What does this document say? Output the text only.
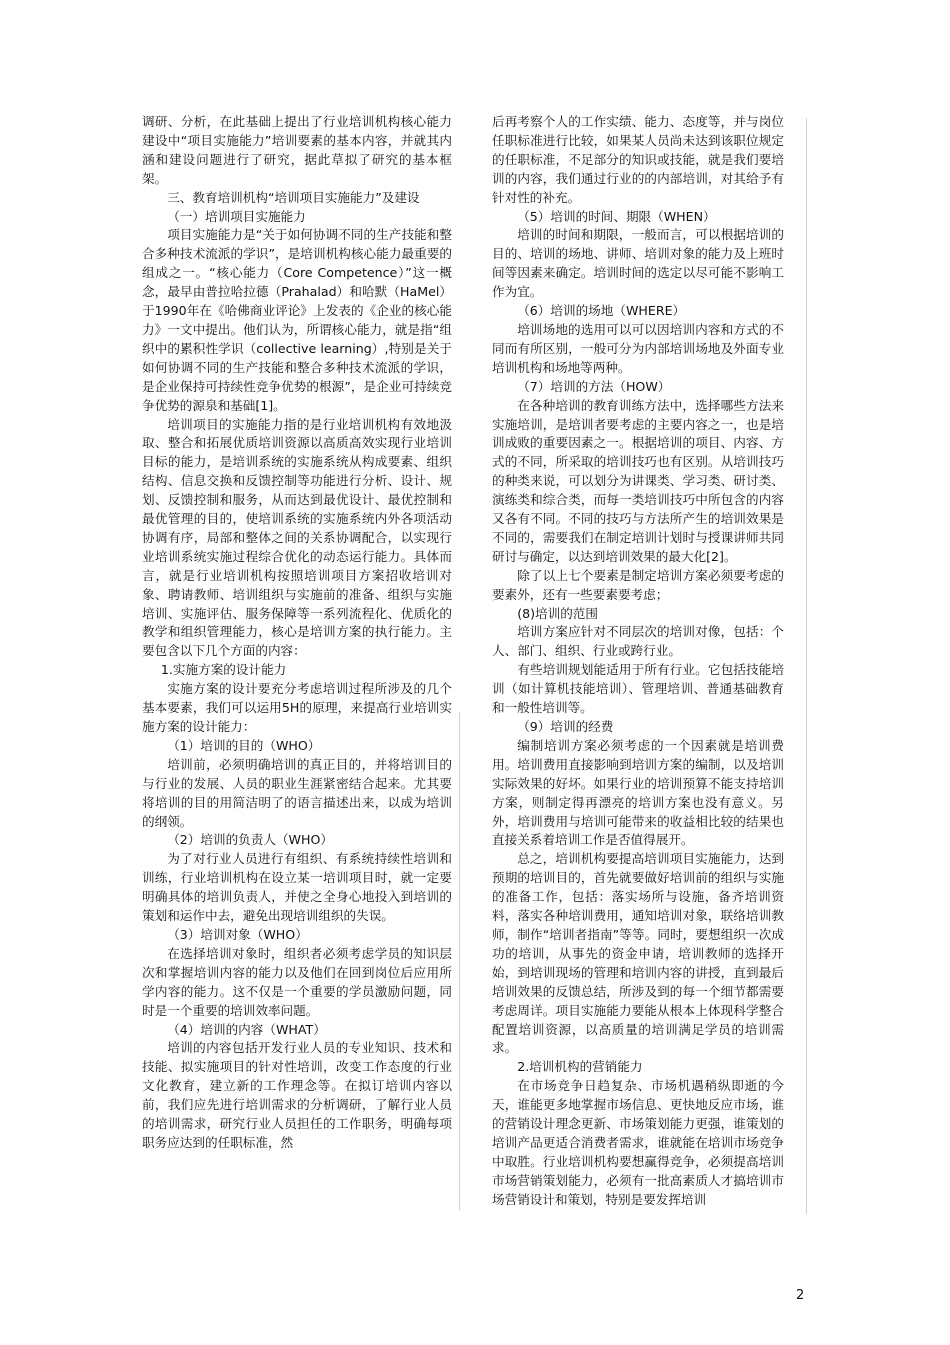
调研、分析，在此基础上提出了行业培训机构核心能力建设中“项目实施能力”培训要素的基本内容，并就其内涵和建设问题进行了研究，据此草拟了研究的基本框架。

三、教育培训机构“培训项目实施能力”及建设

（一）培训项目实施能力

项目实施能力是“关于如何协调不同的生产技能和整合多种技术流派的学识”，是培训机构核心能力最重要的组成之一。“核心能力（Core Competence）”这一概念，最早由普拉哈拉德（Prahalad）和哈默（HaMel）于1990年在《哈佛商业评论》上发表的《企业的核心能力》一文中提出。他们认为，所谓核心能力，就是指“组织中的累积性学识（collective learning）,特别是关于如何协调不同的生产技能和整合多种技术流派的学识，是企业保持可持续性竞争优势的根源”，是企业可持续竞争优势的源泉和基础[1]。

培训项目的实施能力指的是行业培训机构有效地汲取、整合和拓展优质培训资源以高质高效实现行业培训目标的能力，是培训系统的实施系统从构成要素、组织结构、信息交换和反馈控制等功能进行分析、设计、规划、反馈控制和服务，从而达到最优设计、最优控制和最优管理的目的，使培训系统的实施系统内外各项活动协调有序，局部和整体之间的关系协调配合，以实现行业培训系统实施过程综合优化的动态运行能力。具体而言，就是行业培训机构按照培训项目方案招收培训对象、聘请教师、培训组织与实施前的准备、组织与实施培训、实施评估、服务保障等一系列流程化、优质化的教学和组织管理能力，核心是培训方案的执行能力。主要包含以下几个方面的内容：

1.实施方案的设计能力

实施方案的设计要充分考虑培训过程所涉及的几个基本要素，我们可以运用5H的原理，来提高行业培训实施方案的设计能力：

（1）培训的目的（WHO）

培训前，必须明确培训的真正目的，并将培训目的与行业的发展、人员的职业生涯紧密结合起来。尤其要将培训的目的用简洁明了的语言描述出来，以成为培训的纲领。

（2）培训的负责人（WHO）

为了对行业人员进行有组织、有系统持续性培训和训练，行业培训机构在设立某一培训项目时，就一定要明确具体的培训负责人，并使之全身心地投入到培训的策划和运作中去，避免出现培训组织的失误。

（3）培训对象（WHO）

在选择培训对象时，组织者必须考虑学员的知识层次和掌握培训内容的能力以及他们在回到岗位后应用所学内容的能力。这不仅是一个重要的学员激励问题，同时是一个重要的培训效率问题。

（4）培训的内容（WHAT）

培训的内容包括开发行业人员的专业知识、技术和技能、拟实施项目的针对性培训，改变工作态度的行业文化教育，建立新的工作理念等。在拟订培训内容以前，我们应先进行培训需求的分析调研，了解行业人员的培训需求，研究行业人员担任的工作职务，明确每项职务应达到的任职标准，然

后再考察个人的工作实绩、能力、态度等，并与岗位任职标准进行比较，如果某人员尚未达到该职位规定的任职标准，不足部分的知识或技能，就是我们要培训的内容，我们通过行业的的内部培训，对其给予有针对性的补充。

（5）培训的时间、期限（WHEN）

培训的时间和期限，一般而言，可以根据培训的目的、培训的场地、讲师、培训对象的能力及上班时间等因素来确定。培训时间的选定以尽可能不影响工作为宜。

（6）培训的场地（WHERE）

培训场地的选用可以可以因培训内容和方式的不同而有所区别，一般可分为内部培训场地及外面专业培训机构和场地等两种。

（7）培训的方法（HOW）

在各种培训的教育训练方法中，选择哪些方法来实施培训，是培训者要考虑的主要内容之一，也是培训成败的重要因素之一。根据培训的项目、内容、方式的不同，所采取的培训技巧也有区别。从培训技巧的种类来说，可以划分为讲课类、学习类、研讨类、演练类和综合类，而每一类培训技巧中所包含的内容又各有不同。不同的技巧与方法所产生的培训效果是不同的，需要我们在制定培训计划时与授课讲师共同研讨与确定，以达到培训效果的最大化[2]。

除了以上七个要素是制定培训方案必须要考虑的要素外，还有一些要素要考虑；

(8)培训的范围

培训方案应针对不同层次的培训对像，包括：个人、部门、组织、行业或跨行业。

有些培训规划能适用于所有行业。它包括技能培训（如计算机技能培训）、管理培训、普通基础教育和一般性培训等。

（9）培训的经费

编制培训方案必须考虑的一个因素就是培训费用。培训费用直接影响到培训方案的编制，以及培训实际效果的好坏。如果行业的培训预算不能支持培训方案，则制定得再漂亮的培训方案也没有意义。另外，培训费用与培训可能带来的收益相比较的结果也直接关系着培训工作是否值得展开。

总之，培训机构要提高培训项目实施能力，达到预期的培训目的，首先就要做好培训前的组织与实施的准备工作，包括：落实场所与设施，备齐培训资料，落实各种培训费用，通知培训对象，联络培训教师，制作“培训者指南”等等。同时，要想组织一次成功的培训，从事先的资金申请，培训教师的选择开始，到培训现场的管理和培训内容的讲授，直到最后培训效果的反馈总结，所涉及到的每一个细节都需要考虑周详。项目实施能力要能从根本上体现科学整合配置培训资源，以高质量的培训满足学员的培训需求。

2.培训机构的营销能力

在市场竞争日趋复杂、市场机遇稍纵即逝的今天，谁能更多地掌握市场信息、更快地反应市场，谁的营销设计理念更新、市场策划能力更强，谁策划的培训产品更适合消费者需求，谁就能在培训市场竞争中取胜。行业培训机构要想赢得竞争，必须提高培训市场营销策划能力，必须有一批高素质人才搞培训市场营销设计和策划，特别是要发挥培训

2
